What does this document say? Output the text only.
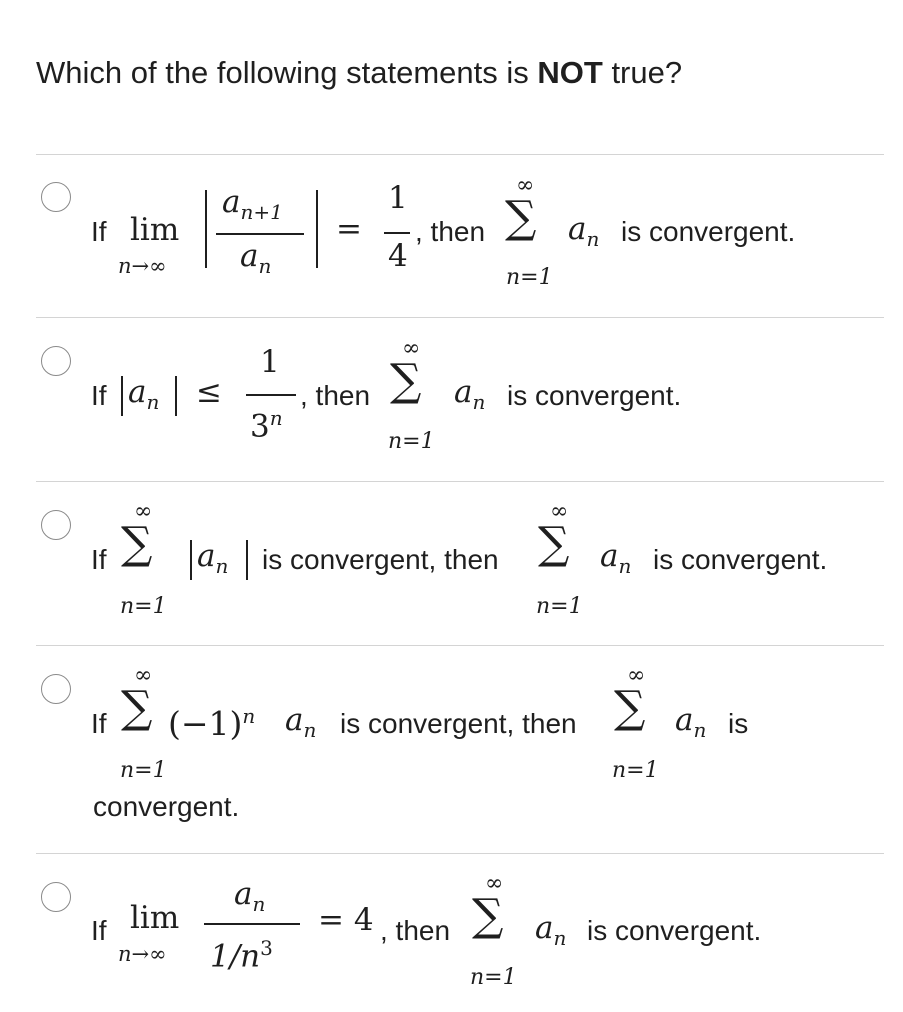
Which of the following statements is NOT true?
If lim
n→∞
$a_{n+1}$
$a_n$
=
1
4
, then
∞
∑
n=1
$a_n$ is convergent.
If $a_n$ ≤
1
3$^n$
, then
∞
∑
n=1
$a_n$ is convergent.
If
∞
∑
n=1
$a_n$ is convergent, then
∞
∑
n=1
$a_n$ is convergent.
If
∞
∑
n=1
$(-1)^n$ $a_n$ is convergent, then
∞
∑
n=1
$a_n$ is
convergent.
If lim
n→∞
$a_n$
$1/n^3$
= 4 , then
∞
∑
n=1
$a_n$ is convergent.
